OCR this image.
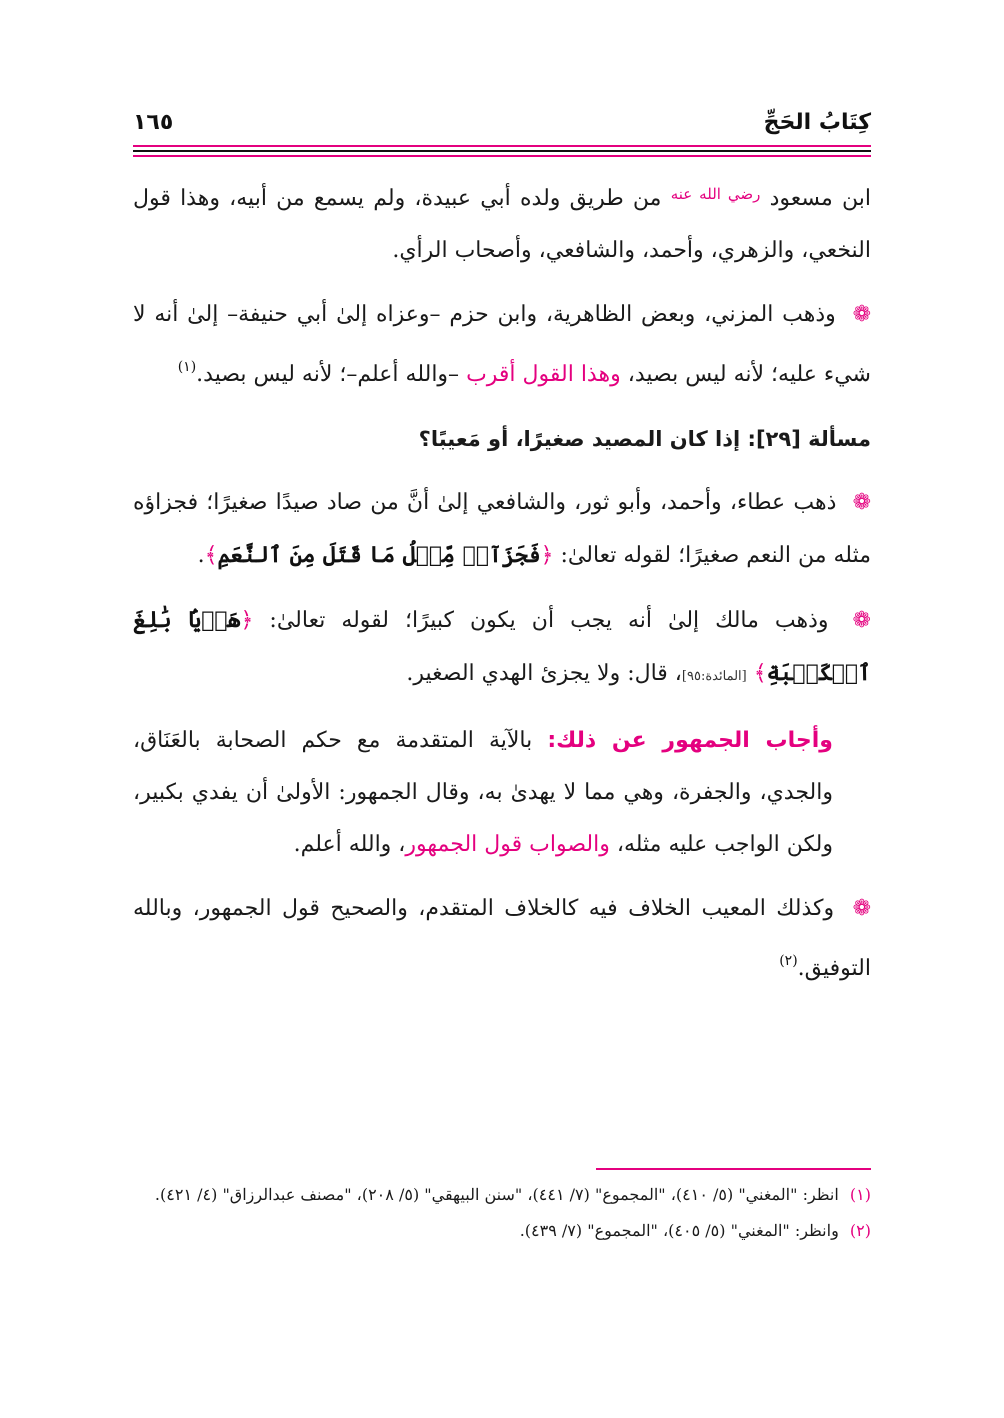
كِتَابُ الحَجِّ
١٦٥

ابن مسعود $^{رضي الله عنه}$ من طريق ولده أبي عبيدة، ولم يسمع من أبيه، وهذا قول النخعي، والزهري، وأحمد، والشافعي، وأصحاب الرأي.

❁ وذهب المزني، وبعض الظاهرية، وابن حزم –وعزاه إلىٰ أبي حنيفة– إلىٰ أنه لا شيء عليه؛ لأنه ليس بصيد، وهذا القول أقرب –والله أعلم–؛ لأنه ليس بصيد.$^{(١)}$

مسألة [٢٩]: إذا كان المصيد صغيرًا، أو مَعيبًا؟

❁ ذهب عطاء، وأحمد، وأبو ثور، والشافعي إلىٰ أنَّ من صاد صيدًا صغيرًا؛ فجزاؤه مثله من النعم صغيرًا؛ لقوله تعالىٰ: ﴿فَجَزَآءٞ مِّثۡلُ مَا قَتَلَ مِنَ ٱلنَّعَمِ﴾.

❁ وذهب مالك إلىٰ أنه يجب أن يكون كبيرًا؛ لقوله تعالىٰ: ﴿هَدۡيَۢا بَٰلِغَ ٱلۡكَعۡبَةِ﴾ [المائدة:٩٥]، قال: ولا يجزئ الهدي الصغير.

وأجاب الجمهور عن ذلك: بالآية المتقدمة مع حكم الصحابة بالعَنَاق، والجدي، والجفرة، وهي مما لا يهدىٰ به، وقال الجمهور: الأولىٰ أن يفدي بكبير، ولكن الواجب عليه مثله، والصواب قول الجمهور، والله أعلم.

❁ وكذلك المعيب الخلاف فيه كالخلاف المتقدم، والصحيح قول الجمهور، وبالله التوفيق.$^{(٢)}$

(١) انظر: "المغني" (٥/ ٤١٠)، "المجموع" (٧/ ٤٤١)، "سنن البيهقي" (٥/ ٢٠٨)، "مصنف عبدالرزاق" (٤/ ٤٢١).

(٢) وانظر: "المغني" (٥/ ٤٠٥)، "المجموع" (٧/ ٤٣٩).
